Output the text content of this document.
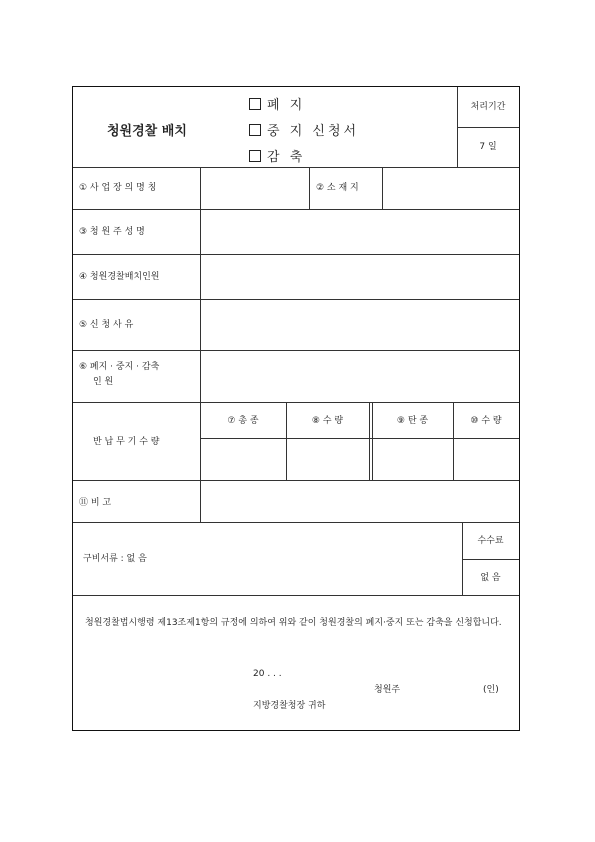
청원경찰 배치
폐 지
중 지 신청서
감 축
처리기간
7 일
① 사 업 장 의 명 칭	② 소 재 지
③ 청 원 주 성 명
④ 청원경찰배치인원
⑤ 신 청 사 유
⑥ 폐지 · 중지 · 감축
인 원
반 납 무 기 수 량
⑦ 총 종	⑧ 수 량	⑨ 탄 종	⑩ 수 량
⑪ 비 고
구비서류 : 없 음
수수료
없 음
청원경찰법시행령 제13조제1항의 규정에 의하여 위와 같이 청원경찰의 폐지·중지 또는 감축을 신청합니다.
20 . . .
청원주	(인)
지방경찰청장 귀하
